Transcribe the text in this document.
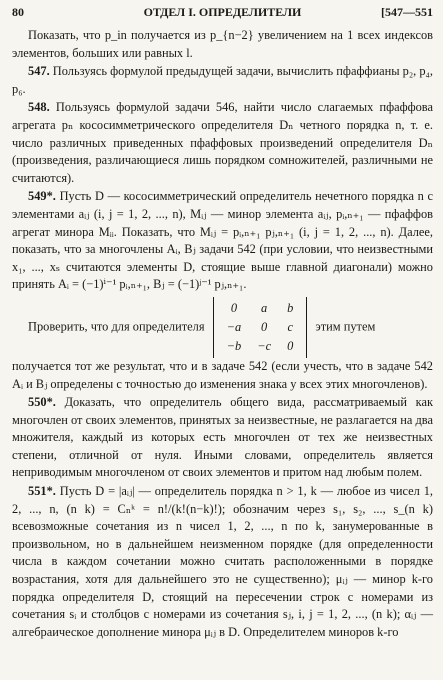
80	ОТДЕЛ I. ОПРЕДЕЛИТЕЛИ	[547—551

Показать, что p_in получается из p_{n−2} увеличением на 1 всех индексов элементов, больших или равных l.

547. Пользуясь формулой предыдущей задачи, вычислить пфаффианы p₂, p₄, p₆.

548. Пользуясь формулой задачи 546, найти число слагаемых пфаффова агрегата pₙ кососимметрического определителя Dₙ четного порядка n, т. е. число различных приведенных пфаффовых произведений определителя Dₙ (произведения, различающиеся лишь порядком сомножителей, различными не считаются).

549*. Пусть D — кососимметрический определитель нечетного порядка n с элементами aᵢⱼ (i, j = 1, 2, ..., n), Mᵢⱼ — минор элемента aᵢⱼ, pᵢ,ₙ₊₁ — пфаффов агрегат минора Mᵢᵢ. Показать, что Mᵢⱼ = pᵢ,ₙ₊₁ pⱼ,ₙ₊₁ (i, j = 1, 2, ..., n). Далее, показать, что за многочлены Aᵢ, Bⱼ задачи 542 (при условии, что неизвестными x₁, ..., xₛ считаются элементы D, стоящие выше главной диагонали) можно принять Aᵢ = (−1)ⁱ⁻¹ pᵢ,ₙ₊₁, Bⱼ = (−1)ʲ⁻¹ pⱼ,ₙ₊₁.

Проверить, что для определителя
0	a	b
−a	0	c
−b	−c	0
этим путем

получается тот же результат, что и в задаче 542 (если учесть, что в задаче 542 Aᵢ и Bⱼ определены с точностью до изменения знака у всех этих многочленов).

550*. Доказать, что определитель общего вида, рассматриваемый как многочлен от своих элементов, принятых за неизвестные, не разлагается на два множителя, каждый из которых есть многочлен от тех же неизвестных степени, отличной от нуля. Иными словами, определитель является неприводимым многочленом от своих элементов и притом над любым полем.

551*. Пусть D = |aᵢⱼ| — определитель порядка n > 1, k — любое из чисел 1, 2, ..., n, (n k) = Cₙᵏ = n!/(k!(n−k)!); обозначим через s₁, s₂, ..., s_(n k) всевозможные сочетания из n чисел 1, 2, ..., n по k, занумерованные в произвольном, но в дальнейшем неизменном порядке (для определенности числа в каждом сочетании можно считать расположенными в порядке возрастания, хотя для дальнейшего это не существенно); μᵢⱼ — минор k-го порядка определителя D, стоящий на пересечении строк с номерами из сочетания sᵢ и столбцов с номерами из сочетания sⱼ, i, j = 1, 2, ..., (n k); αᵢⱼ — алгебраическое дополнение минора μᵢⱼ в D. Определителем миноров k-го
